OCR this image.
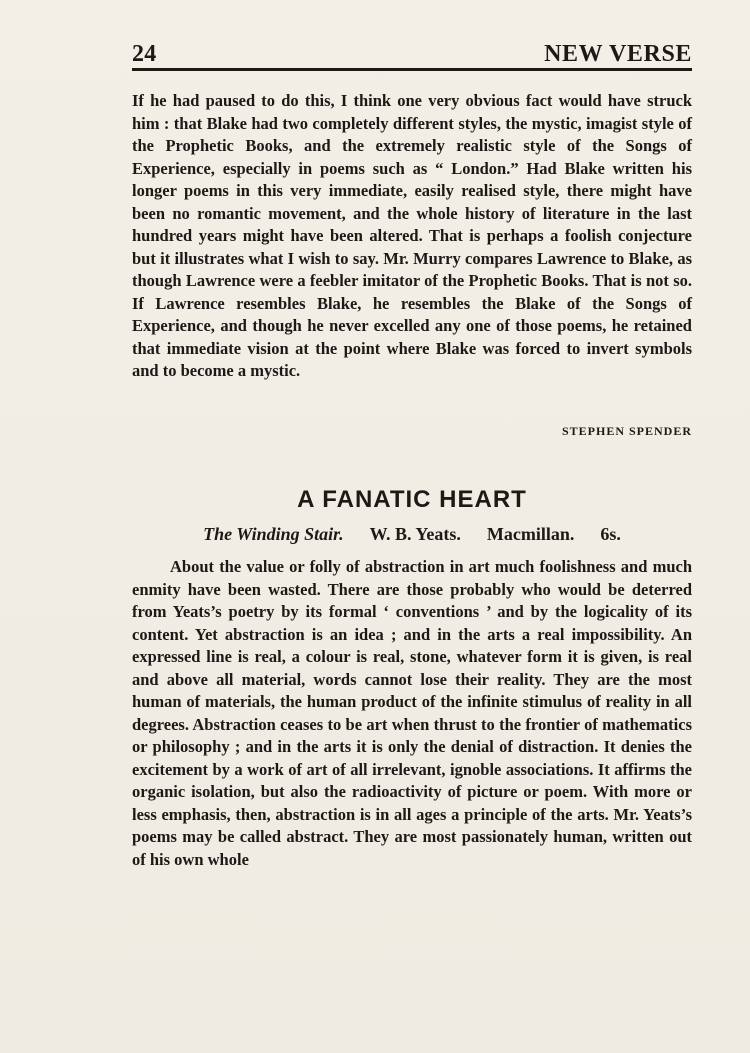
24	NEW VERSE

If he had paused to do this, I think one very obvious fact would have struck him : that Blake had two completely different styles, the mystic, imagist style of the Prophetic Books, and the extremely realistic style of the Songs of Experience, especially in poems such as “ London.” Had Blake written his longer poems in this very immediate, easily realised style, there might have been no romantic movement, and the whole history of literature in the last hundred years might have been altered. That is perhaps a foolish conjecture but it illustrates what I wish to say. Mr. Murry compares Lawrence to Blake, as though Lawrence were a feebler imitator of the Prophetic Books. That is not so. If Lawrence resembles Blake, he resembles the Blake of the Songs of Experience, and though he never excelled any one of those poems, he retained that immediate vision at the point where Blake was forced to invert symbols and to become a mystic.

STEPHEN SPENDER
A FANATIC HEART
The Winding Stair. W. B. Yeats. Macmillan. 6s.

About the value or folly of abstraction in art much foolishness and much enmity have been wasted. There are those probably who would be deterred from Yeats’s poetry by its formal ‘ conventions ’ and by the logicality of its content. Yet abstraction is an idea ; and in the arts a real impossibility. An expressed line is real, a colour is real, stone, whatever form it is given, is real and above all material, words cannot lose their reality. They are the most human of materials, the human product of the infinite stimulus of reality in all degrees. Abstraction ceases to be art when thrust to the frontier of mathematics or philosophy ; and in the arts it is only the denial of distraction. It denies the excitement by a work of art of all irrelevant, ignoble associations. It affirms the organic isolation, but also the radioactivity of picture or poem. With more or less emphasis, then, abstraction is in all ages a principle of the arts. Mr. Yeats’s poems may be called abstract. They are most passionately human, written out of his own whole
